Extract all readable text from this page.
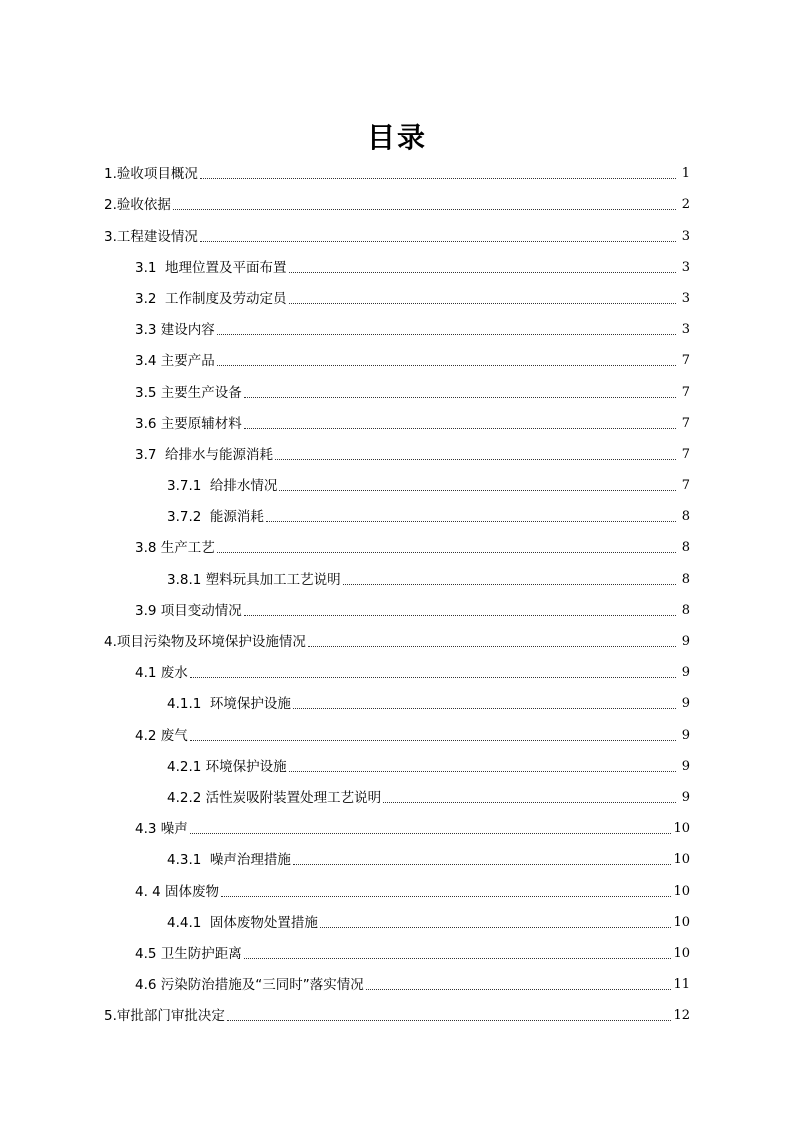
目录
1.验收项目概况	1
2.验收依据	2
3.工程建设情况	3
3.1  地理位置及平面布置	3
3.2  工作制度及劳动定员	3
3.3 建设内容	3
3.4 主要产品	7
3.5 主要生产设备	7
3.6 主要原辅材料	7
3.7  给排水与能源消耗	7
3.7.1  给排水情况	7
3.7.2  能源消耗	8
3.8 生产工艺	8
3.8.1 塑料玩具加工工艺说明	8
3.9 项目变动情况	8
4.项目污染物及环境保护设施情况	9
4.1 废水	9
4.1.1  环境保护设施	9
4.2 废气	9
4.2.1 环境保护设施	9
4.2.2 活性炭吸附装置处理工艺说明	9
4.3 噪声	10
4.3.1  噪声治理措施	10
4. 4 固体废物	10
4.4.1  固体废物处置措施	10
4.5 卫生防护距离	10
4.6 污染防治措施及“三同时”落实情况	11
5.审批部门审批决定	12
